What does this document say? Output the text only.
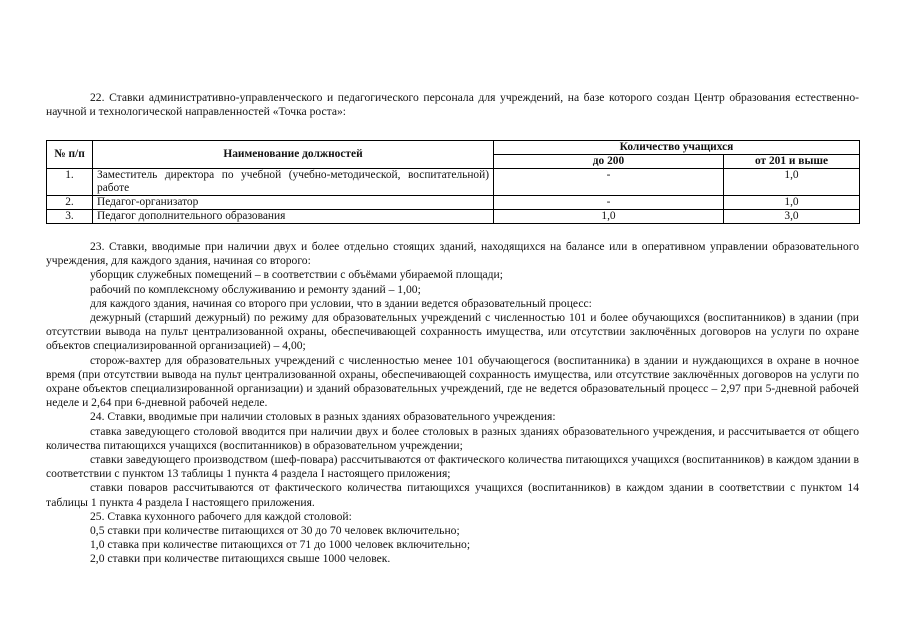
22. Ставки административно-управленческого и педагогического персонала для учреждений, на базе которого создан Центр образования естественно-научной и технологической направленностей «Точка роста»:

№ п/п	Наименование должностей	Количество учащихся	
		до 200	от 201 и выше
1.	Заместитель директора по учебной (учебно-методической, воспитательной) работе	-	1,0
2.	Педагог-организатор	-	1,0
3.	Педагог дополнительного образования	1,0	3,0

23. Ставки, вводимые при наличии двух и более отдельно стоящих зданий, находящихся на балансе или в оперативном управлении образовательного учреждения, для каждого здания, начиная со второго:

уборщик служебных помещений – в соответствии с объёмами убираемой площади;

рабочий по комплексному обслуживанию и ремонту зданий – 1,00;

для каждого здания, начиная со второго при условии, что в здании ведется образовательный процесс:

дежурный (старший дежурный) по режиму для образовательных учреждений с численностью 101 и более обучающихся (воспитанников) в здании (при отсутствии вывода на пульт централизованной охраны, обеспечивающей сохранность имущества, или отсутствии заключённых договоров на услуги по охране объектов специализированной организацией) – 4,00;

сторож-вахтер для образовательных учреждений с численностью менее 101 обучающегося (воспитанника) в здании и нуждающихся в охране в ночное время (при отсутствии вывода на пульт централизованной охраны, обеспечивающей сохранность имущества, или отсутствие заключённых договоров на услуги по охране объектов специализированной организации) и зданий образовательных учреждений, где не ведется образовательный процесс – 2,97 при 5-дневной рабочей неделе и 2,64 при 6-дневной рабочей неделе.

24. Ставки, вводимые при наличии столовых в разных зданиях образовательного учреждения:

ставка заведующего столовой вводится при наличии двух и более столовых в разных зданиях образовательного учреждения, и рассчитывается от общего количества питающихся учащихся (воспитанников) в образовательном учреждении;

ставки заведующего производством (шеф-повара) рассчитываются от фактического количества питающихся учащихся (воспитанников) в каждом здании в соответствии с пунктом 13 таблицы 1 пункта 4 раздела I настоящего приложения;

ставки поваров рассчитываются от фактического количества питающихся учащихся (воспитанников) в каждом здании в соответствии с пунктом 14 таблицы 1 пункта 4 раздела I настоящего приложения.

25. Ставка кухонного рабочего для каждой столовой:

0,5 ставки при количестве питающихся от 30 до 70 человек включительно;

1,0 ставка при количестве питающихся от 71 до 1000 человек включительно;

2,0 ставки при количестве питающихся свыше 1000 человек.
